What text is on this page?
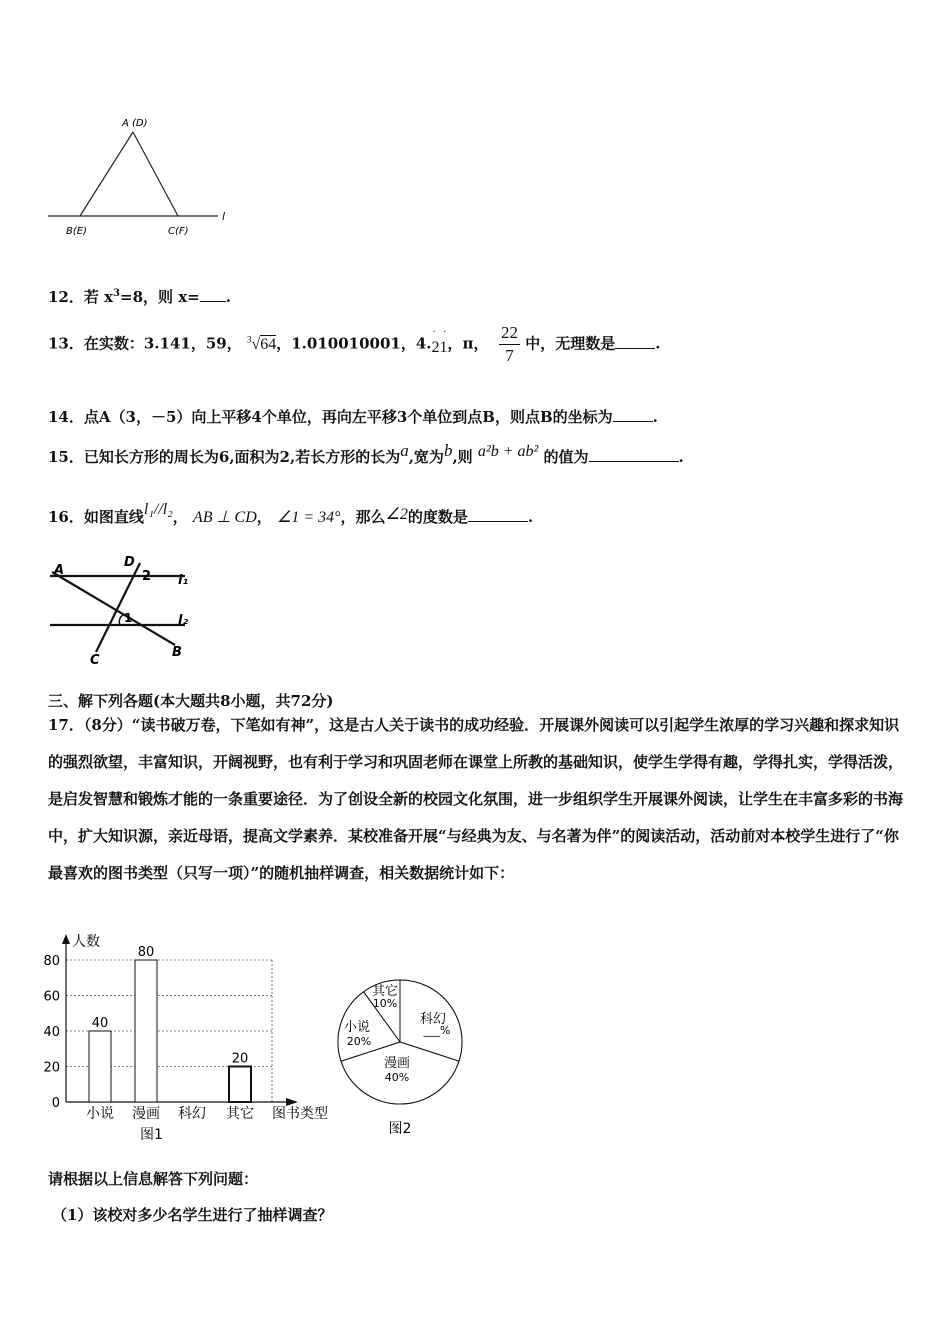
A (D)
B(E)	C(F)
l
12．若 $x^3=8$，则 x= .
13．在实数：3.141，59， $^3$√64，1.010010001，4.
· ·
21，π， $\frac{22}{7}$ 中，无理数是	.
14．点A（3，－5）向上平移4个单位，再向左平移3个单位到点B，则点B的坐标为	.
15．已知长方形的周长为6,面积为2,若长方形的长为a,宽为b,则 a²b + ab² 的值为	.
16．如图直线l₁//l₂， AB ⊥ CD， ∠1 = 34°，那么∠2的度数是	.
A
D
2 l₁
1	l₂
C
B
三、解下列各题(本大题共8小题，共72分)
17．（8分）“读书破万卷，下笔如有神”，这是古人关于读书的成功经验．开展课外阅读可以引起学生浓厚的学习兴趣和探求知识的强烈欲望，丰富知识，开阔视野，也有利于学习和巩固老师在课堂上所教的基础知识，使学生学得有趣，学得扎实，学得活泼，是启发智慧和锻炼才能的一条重要途径．为了创设全新的校园文化氛围，进一步组织学生开展课外阅读，让学生在丰富多彩的书海中，扩大知识源，亲近母语，提高文学素养．某校准备开展“与经典为友、与名著为伴”的阅读活动，活动前对本校学生进行了“你最喜欢的图书类型（只写一项）”的随机抽样调查，相关数据统计如下：
0
20
40
60
80
人数
图书类型
图1
小说
40
漫画
80
科幻 其它
20
其它
10%
科幻
___%
漫画
40%
小说
20%
图2
请根据以上信息解答下列问题：
（1）该校对多少名学生进行了抽样调查？
